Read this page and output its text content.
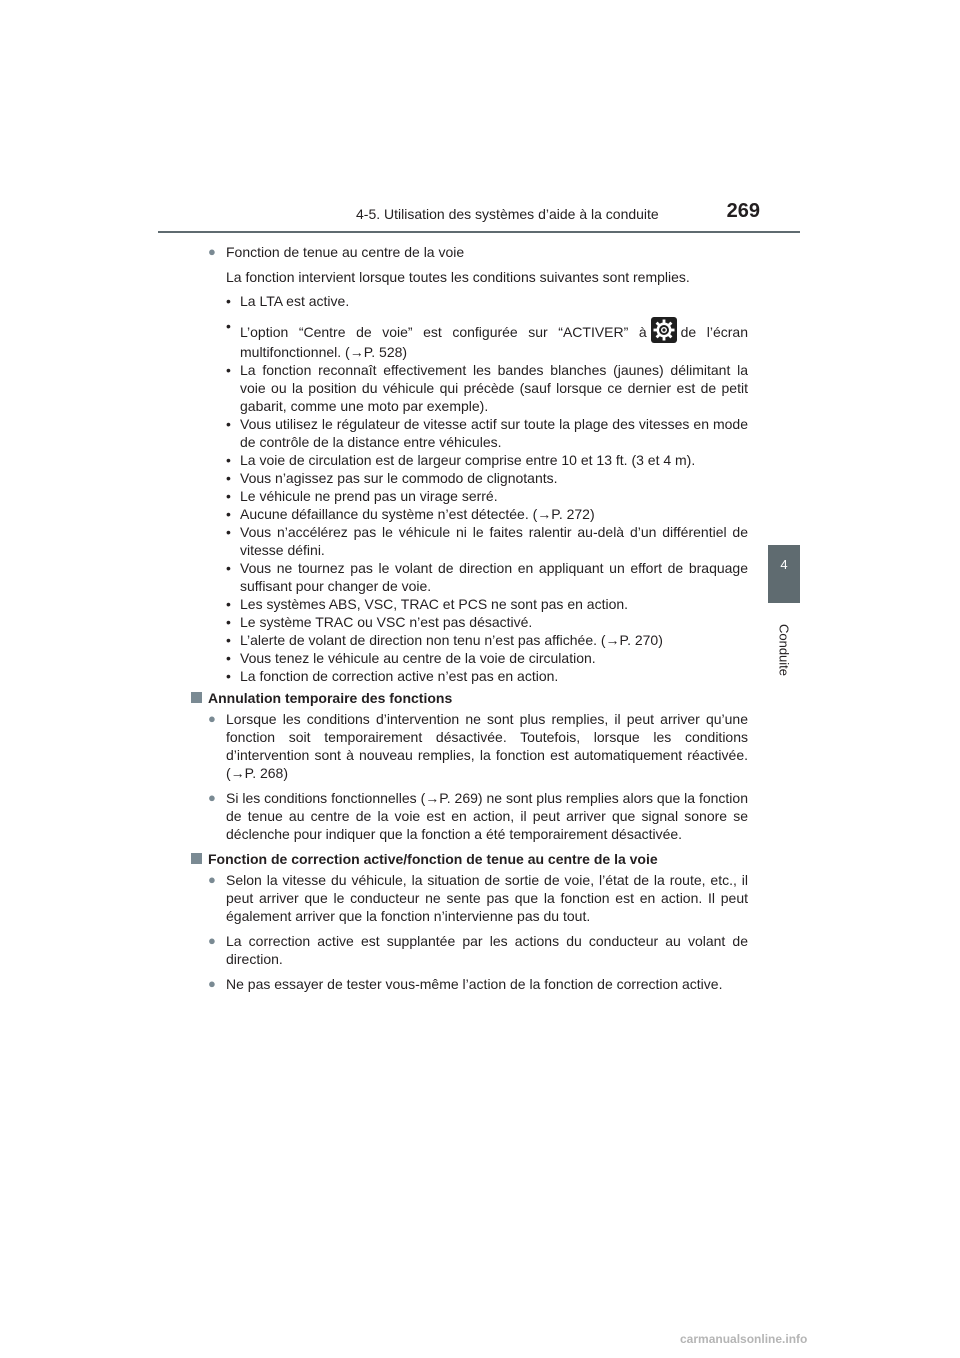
4-5. Utilisation des systèmes d’aide à la conduite	269
4
Conduite
● Fonction de tenue au centre de la voie
La fonction intervient lorsque toutes les conditions suivantes sont remplies.
• La LTA est active.
• L’option “Centre de voie” est configurée sur “ACTIVER” à de l’écran multifonctionnel. (→P. 528)
• La fonction reconnaît effectivement les bandes blanches (jaunes) délimitant la voie ou la position du véhicule qui précède (sauf lorsque ce dernier est de petit gabarit, comme une moto par exemple).
• Vous utilisez le régulateur de vitesse actif sur toute la plage des vitesses en mode de contrôle de la distance entre véhicules.
• La voie de circulation est de largeur comprise entre 10 et 13 ft. (3 et 4 m).
• Vous n’agissez pas sur le commodo de clignotants.
• Le véhicule ne prend pas un virage serré.
• Aucune défaillance du système n’est détectée. (→P. 272)
• Vous n’accélérez pas le véhicule ni le faites ralentir au-delà d’un différentiel de vitesse défini.
• Vous ne tournez pas le volant de direction en appliquant un effort de braquage suffisant pour changer de voie.
• Les systèmes ABS, VSC, TRAC et PCS ne sont pas en action.
• Le système TRAC ou VSC n’est pas désactivé.
• L’alerte de volant de direction non tenu n’est pas affichée. (→P. 270)
• Vous tenez le véhicule au centre de la voie de circulation.
• La fonction de correction active n’est pas en action.
Annulation temporaire des fonctions
● Lorsque les conditions d’intervention ne sont plus remplies, il peut arriver qu’une fonction soit temporairement désactivée. Toutefois, lorsque les conditions d’intervention sont à nouveau remplies, la fonction est automatiquement réactivée. (→P. 268)
● Si les conditions fonctionnelles (→P. 269) ne sont plus remplies alors que la fonction de tenue au centre de la voie est en action, il peut arriver que signal sonore se déclenche pour indiquer que la fonction a été temporairement désactivée.
Fonction de correction active/fonction de tenue au centre de la voie
● Selon la vitesse du véhicule, la situation de sortie de voie, l’état de la route, etc., il peut arriver que le conducteur ne sente pas que la fonction est en action. Il peut également arriver que la fonction n’intervienne pas du tout.
● La correction active est supplantée par les actions du conducteur au volant de direction.
● Ne pas essayer de tester vous-même l’action de la fonction de correction active.
carmanualsonline.info
